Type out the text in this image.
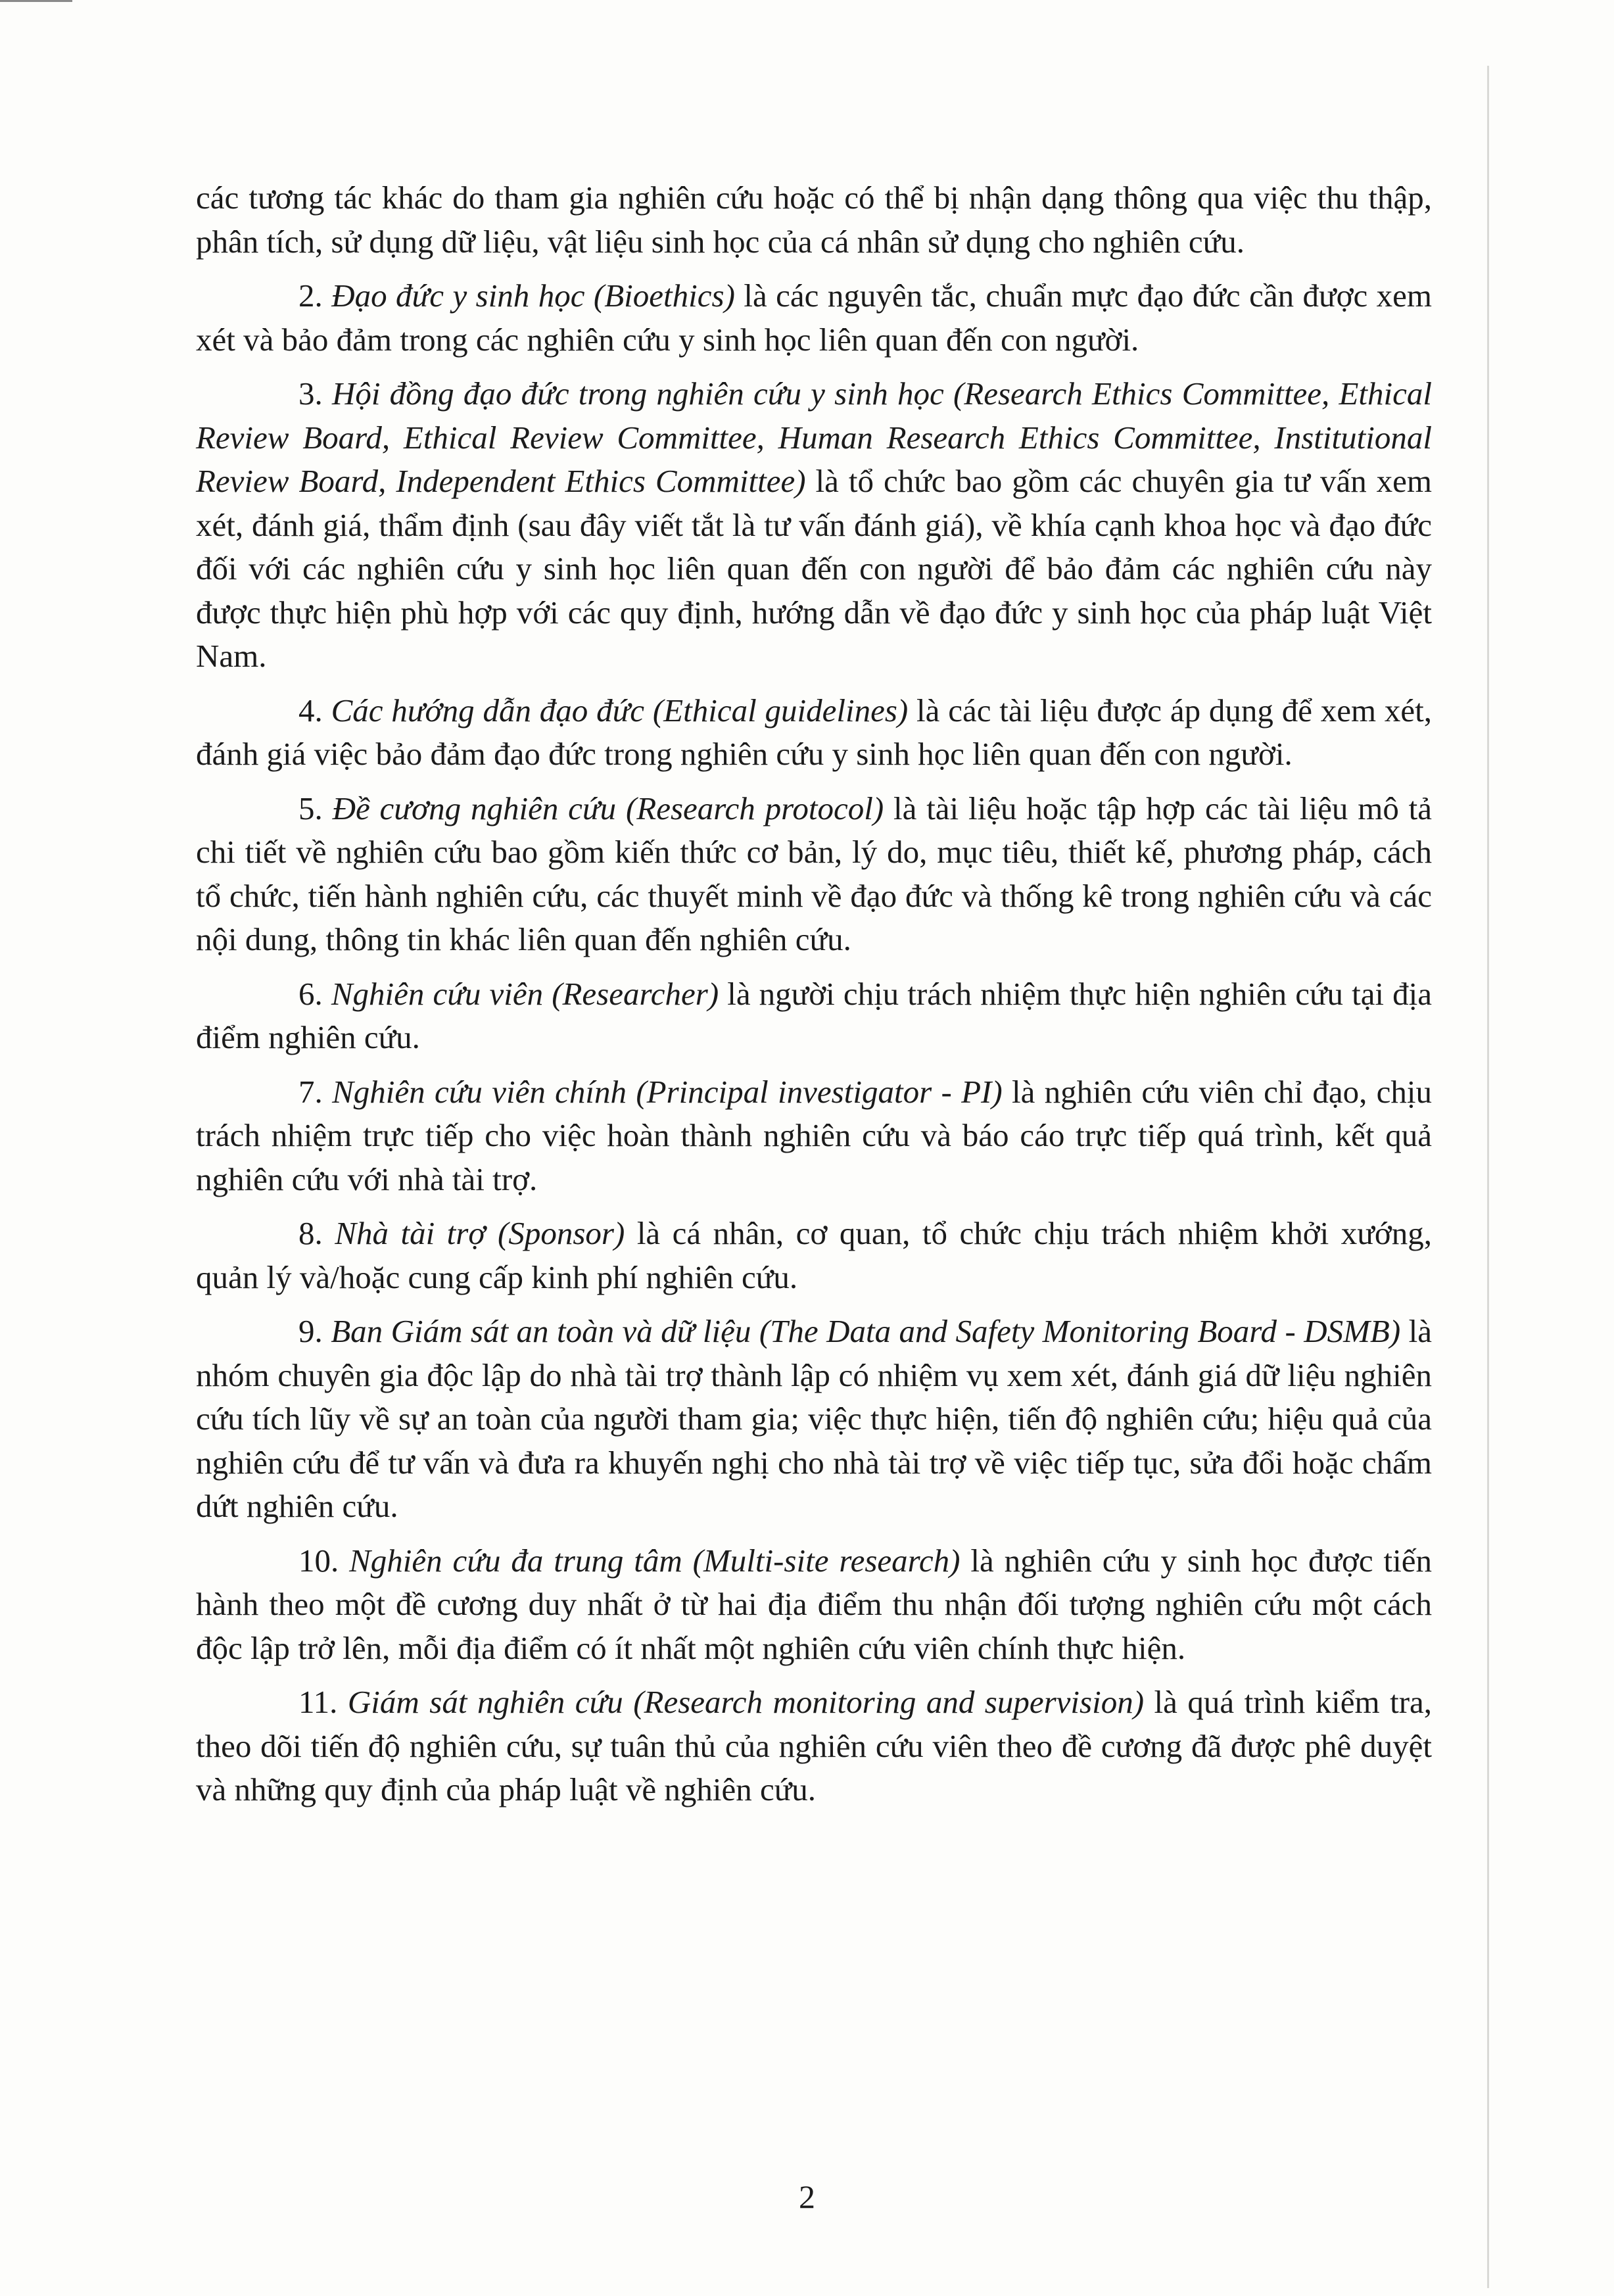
các tương tác khác do tham gia nghiên cứu hoặc có thể bị nhận dạng thông qua việc thu thập, phân tích, sử dụng dữ liệu, vật liệu sinh học của cá nhân sử dụng cho nghiên cứu.

2. Đạo đức y sinh học (Bioethics) là các nguyên tắc, chuẩn mực đạo đức cần được xem xét và bảo đảm trong các nghiên cứu y sinh học liên quan đến con người.

3. Hội đồng đạo đức trong nghiên cứu y sinh học (Research Ethics Committee, Ethical Review Board, Ethical Review Committee, Human Research Ethics Committee, Institutional Review Board, Independent Ethics Committee) là tổ chức bao gồm các chuyên gia tư vấn xem xét, đánh giá, thẩm định (sau đây viết tắt là tư vấn đánh giá), về khía cạnh khoa học và đạo đức đối với các nghiên cứu y sinh học liên quan đến con người để bảo đảm các nghiên cứu này được thực hiện phù hợp với các quy định, hướng dẫn về đạo đức y sinh học của pháp luật Việt Nam.

4. Các hướng dẫn đạo đức (Ethical guidelines) là các tài liệu được áp dụng để xem xét, đánh giá việc bảo đảm đạo đức trong nghiên cứu y sinh học liên quan đến con người.

5. Đề cương nghiên cứu (Research protocol) là tài liệu hoặc tập hợp các tài liệu mô tả chi tiết về nghiên cứu bao gồm kiến thức cơ bản, lý do, mục tiêu, thiết kế, phương pháp, cách tổ chức, tiến hành nghiên cứu, các thuyết minh về đạo đức và thống kê trong nghiên cứu và các nội dung, thông tin khác liên quan đến nghiên cứu.

6. Nghiên cứu viên (Researcher) là người chịu trách nhiệm thực hiện nghiên cứu tại địa điểm nghiên cứu.

7. Nghiên cứu viên chính (Principal investigator - PI) là nghiên cứu viên chỉ đạo, chịu trách nhiệm trực tiếp cho việc hoàn thành nghiên cứu và báo cáo trực tiếp quá trình, kết quả nghiên cứu với nhà tài trợ.

8. Nhà tài trợ (Sponsor) là cá nhân, cơ quan, tổ chức chịu trách nhiệm khởi xướng, quản lý và/hoặc cung cấp kinh phí nghiên cứu.

9. Ban Giám sát an toàn và dữ liệu (The Data and Safety Monitoring Board - DSMB) là nhóm chuyên gia độc lập do nhà tài trợ thành lập có nhiệm vụ xem xét, đánh giá dữ liệu nghiên cứu tích lũy về sự an toàn của người tham gia; việc thực hiện, tiến độ nghiên cứu; hiệu quả của nghiên cứu để tư vấn và đưa ra khuyến nghị cho nhà tài trợ về việc tiếp tục, sửa đổi hoặc chấm dứt nghiên cứu.

10. Nghiên cứu đa trung tâm (Multi-site research) là nghiên cứu y sinh học được tiến hành theo một đề cương duy nhất ở từ hai địa điểm thu nhận đối tượng nghiên cứu một cách độc lập trở lên, mỗi địa điểm có ít nhất một nghiên cứu viên chính thực hiện.

11. Giám sát nghiên cứu (Research monitoring and supervision) là quá trình kiểm tra, theo dõi tiến độ nghiên cứu, sự tuân thủ của nghiên cứu viên theo đề cương đã được phê duyệt và những quy định của pháp luật về nghiên cứu.

2
